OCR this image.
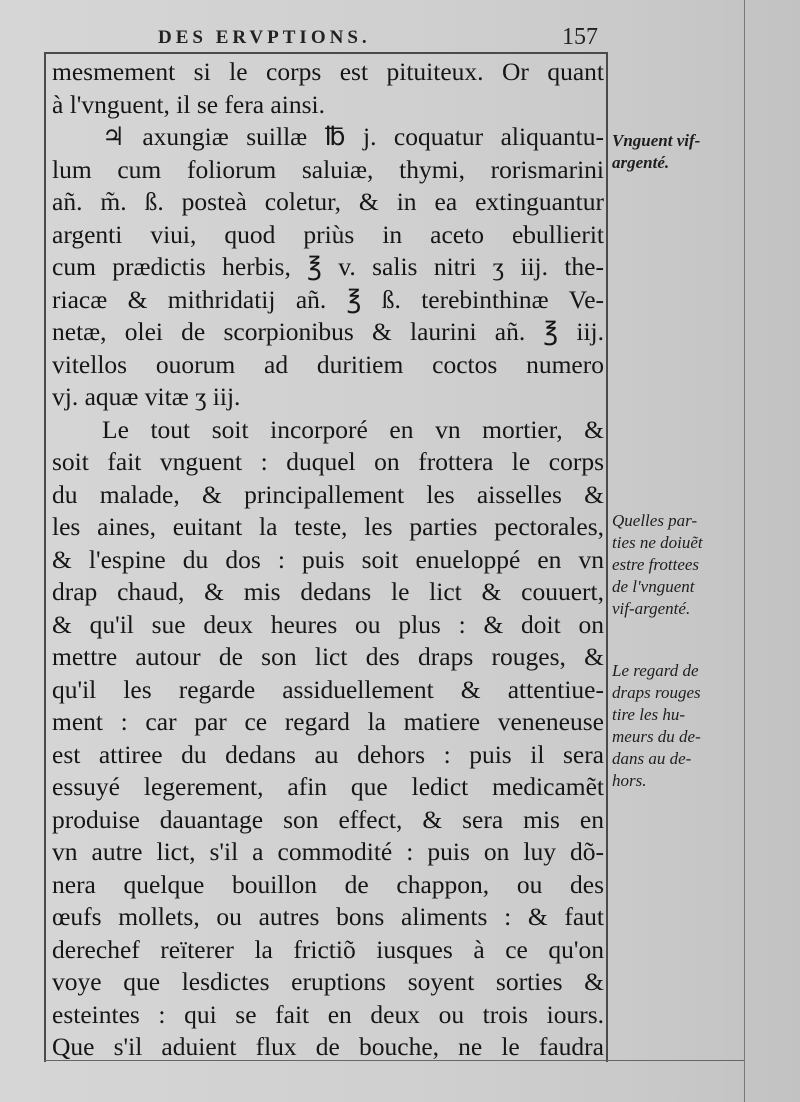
DES ERVPTIONS.	157
mesmement si le corps est pituiteux. Or quant
à l'vnguent, il se fera ainsi.
♃ axungiæ suillæ ℔ j. coquatur aliquantu-
lum cum foliorum saluiæ, thymi, rorismarini
añ. m̃. ß. posteà coletur, & in ea extinguantur
argenti viui, quod priùs in aceto ebullierit
cum prædictis herbis, ℥ v. salis nitri ʒ iij. the-
riacæ & mithridatij añ. ℥ ß. terebinthinæ Ve-
netæ, olei de scorpionibus & laurini añ. ℥ iij.
vitellos ouorum ad duritiem coctos numero
vj. aquæ vitæ ʒ iij.
Le tout soit incorporé en vn mortier, &
soit fait vnguent : duquel on frottera le corps
du malade, & principallement les aisselles &
les aines, euitant la teste, les parties pectorales,
& l'espine du dos : puis soit enueloppé en vn
drap chaud, & mis dedans le lict & couuert,
& qu'il sue deux heures ou plus : & doit on
mettre autour de son lict des draps rouges, &
qu'il les regarde assiduellement & attentiue-
ment : car par ce regard la matiere veneneuse
est attiree du dedans au dehors : puis il sera
essuyé legerement, afin que ledict medicamẽt
produise dauantage son effect, & sera mis en
vn autre lict, s'il a commodité : puis on luy dõ-
nera quelque bouillon de chappon, ou des
œufs mollets, ou autres bons aliments : & faut
derechef reïterer la frictiõ iusques à ce qu'on
voye que lesdictes eruptions soyent sorties &
esteintes : qui se fait en deux ou trois iours.
Que s'il aduient flux de bouche, ne le faudra
Vnguent vif-
argenté.
Quelles par-
ties ne doiuẽt
estre frottees
de l'vnguent
vif-argenté.
Le regard de
draps rouges
tire les hu-
meurs du de-
dans au de-
hors.
